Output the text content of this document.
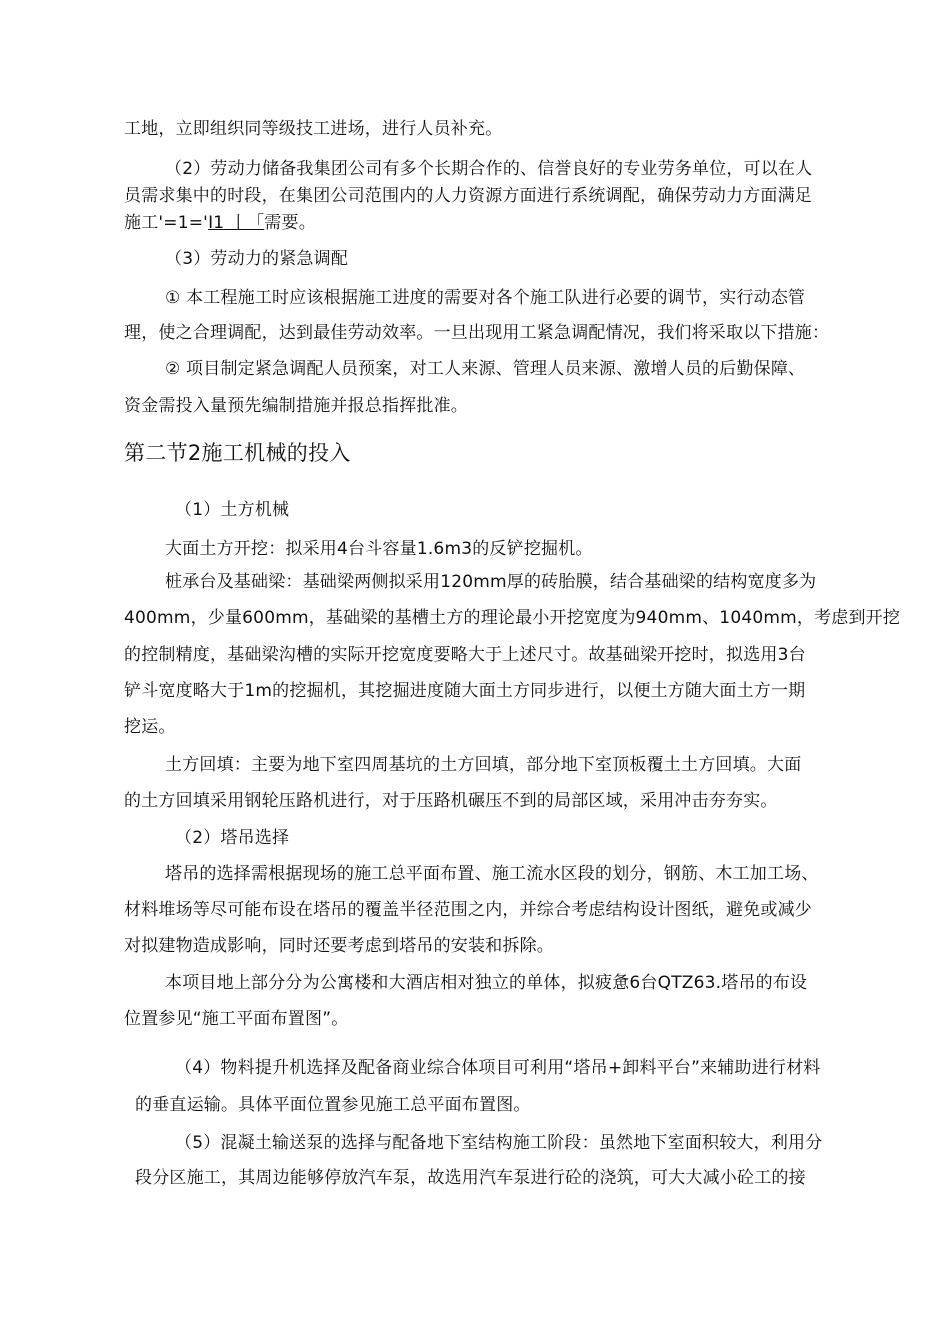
工地，立即组织同等级技工进场，进行人员补充。
（2）劳动力储备我集团公司有多个长期合作的、信誉良好的专业劳务单位，可以在人
员需求集中的时段，在集团公司范围内的人力资源方面进行系统调配，确保劳动力方面满足
施工'=1='I1 丨「需要。
（3）劳动力的紧急调配
① 本工程施工时应该根据施工进度的需要对各个施工队进行必要的调节，实行动态管
理，使之合理调配，达到最佳劳动效率。一旦出现用工紧急调配情况，我们将采取以下措施：
② 项目制定紧急调配人员预案，对工人来源、管理人员来源、激增人员的后勤保障、
资金需投入量预先编制措施并报总指挥批准。
第二节2施工机械的投入
（1）土方机械
大面土方开挖：拟采用4台斗容量1.6m3的反铲挖掘机。
桩承台及基础梁：基础梁两侧拟采用120mm厚的砖胎膜，结合基础梁的结构宽度多为
400mm，少量600mm，基础梁的基槽土方的理论最小开挖宽度为940mm、1040mm，考虑到开挖
的控制精度，基础梁沟槽的实际开挖宽度要略大于上述尺寸。故基础梁开挖时，拟选用3台
铲斗宽度略大于1m的挖掘机，其挖掘进度随大面土方同步进行，以便土方随大面土方一期
挖运。
土方回填：主要为地下室四周基坑的土方回填，部分地下室顶板覆土土方回填。大面
的土方回填采用钢轮压路机进行，对于压路机碾压不到的局部区域，采用冲击夯夯实。
（2）塔吊选择
塔吊的选择需根据现场的施工总平面布置、施工流水区段的划分，钢筋、木工加工场、
材料堆场等尽可能布设在塔吊的覆盖半径范围之内，并综合考虑结构设计图纸，避免或减少
对拟建物造成影响，同时还要考虑到塔吊的安装和拆除。
本项目地上部分分为公寓楼和大酒店相对独立的单体，拟疲惫6台QTZ63.塔吊的布设
位置参见“施工平面布置图”。
（4）物料提升机选择及配备商业综合体项目可利用“塔吊+卸料平台”来辅助进行材料
的垂直运输。具体平面位置参见施工总平面布置图。
（5）混凝土输送泵的选择与配备地下室结构施工阶段：虽然地下室面积较大，利用分
段分区施工，其周边能够停放汽车泵，故选用汽车泵进行砼的浇筑，可大大减小砼工的接
